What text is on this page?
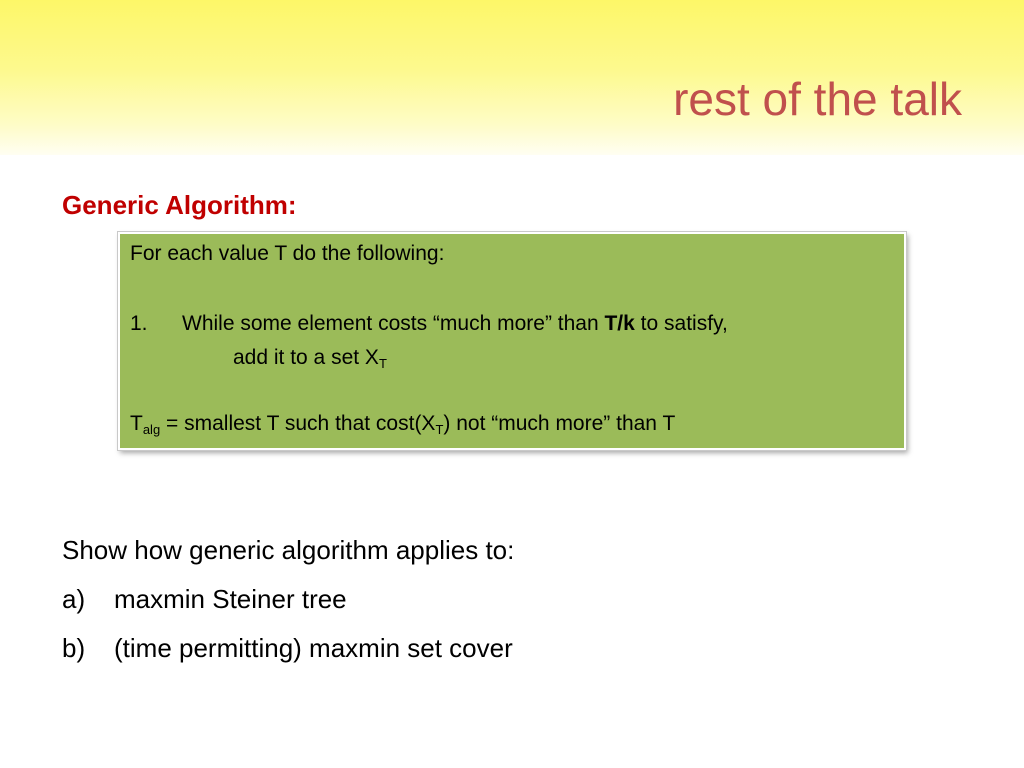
rest of the talk
Generic Algorithm:
For each value T do the following:
1. While some element costs “much more” than T/k to satisfy,
add it to a set $X_T$
$T_{alg}$ = smallest T such that $\cos t(X_T)$ not “much more” than T
Show how generic algorithm applies to:
a) maxmin Steiner tree
b) (time permitting) maxmin set cover
